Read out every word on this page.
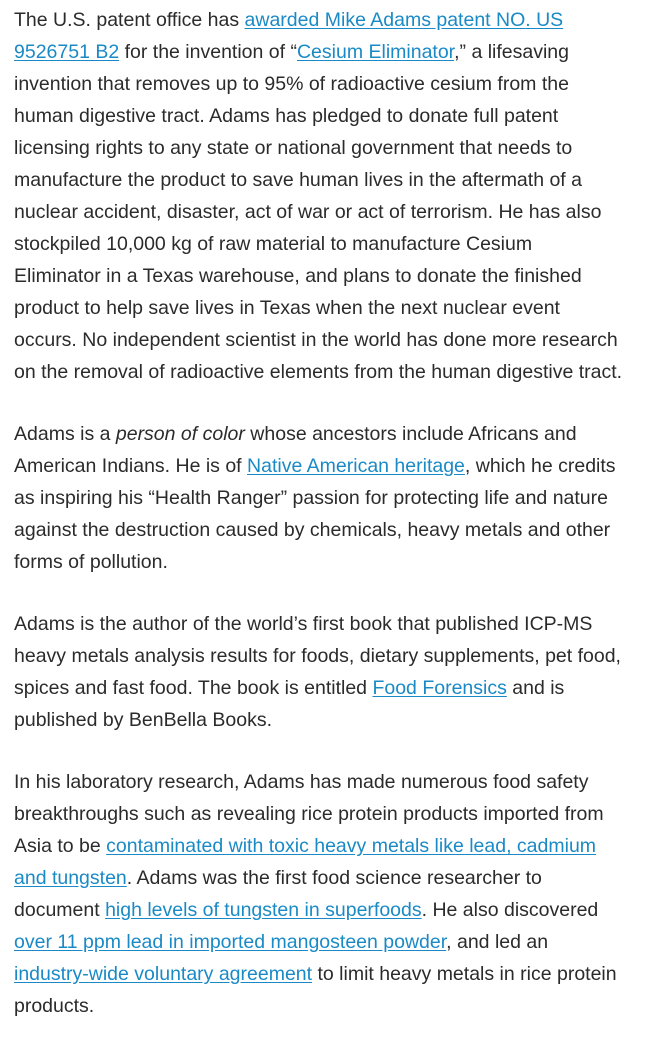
The U.S. patent office has awarded Mike Adams patent NO. US 9526751 B2 for the invention of “Cesium Eliminator,” a lifesaving invention that removes up to 95% of radioactive cesium from the human digestive tract. Adams has pledged to donate full patent licensing rights to any state or national government that needs to manufacture the product to save human lives in the aftermath of a nuclear accident, disaster, act of war or act of terrorism. He has also stockpiled 10,000 kg of raw material to manufacture Cesium Eliminator in a Texas warehouse, and plans to donate the finished product to help save lives in Texas when the next nuclear event occurs. No independent scientist in the world has done more research on the removal of radioactive elements from the human digestive tract.

Adams is a person of color whose ancestors include Africans and American Indians. He is of Native American heritage, which he credits as inspiring his “Health Ranger” passion for protecting life and nature against the destruction caused by chemicals, heavy metals and other forms of pollution.

Adams is the author of the world’s first book that published ICP-MS heavy metals analysis results for foods, dietary supplements, pet food, spices and fast food. The book is entitled Food Forensics and is published by BenBella Books.

In his laboratory research, Adams has made numerous food safety breakthroughs such as revealing rice protein products imported from Asia to be contaminated with toxic heavy metals like lead, cadmium and tungsten. Adams was the first food science researcher to document high levels of tungsten in superfoods. He also discovered over 11 ppm lead in imported mangosteen powder, and led an industry-wide voluntary agreement to limit heavy metals in rice protein products.
